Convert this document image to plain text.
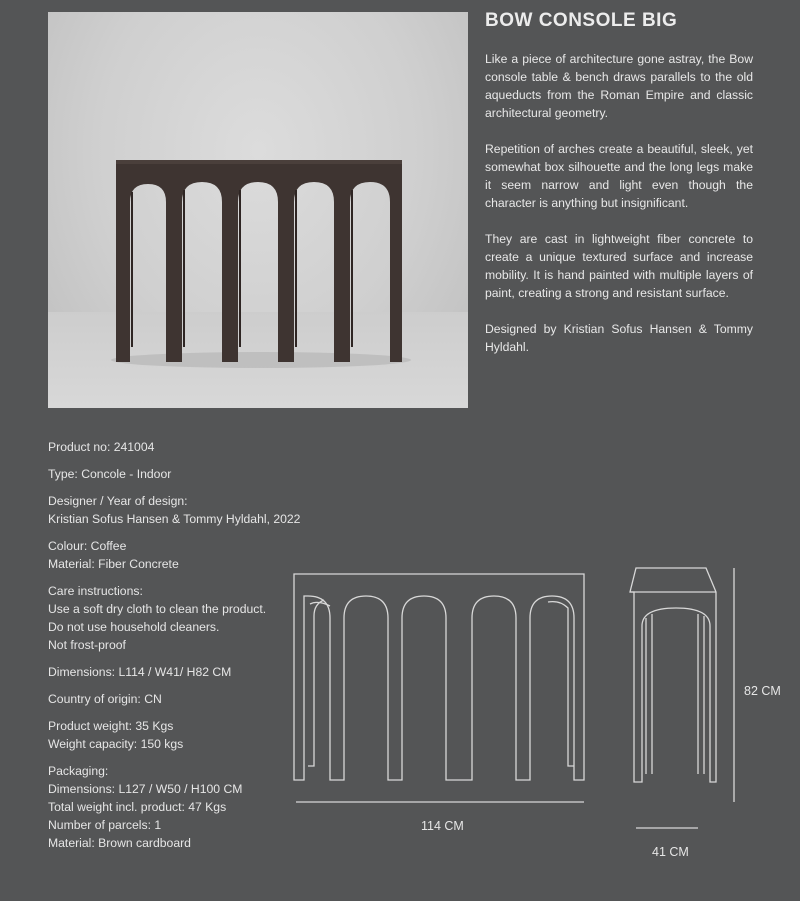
BOW CONSOLE BIG

Like a piece of architecture gone astray, the Bow console table & bench draws parallels to the old aqueducts from the Roman Empire and classic architectural geometry.

Repetition of arches create a beautiful, sleek, yet somewhat box silhouette and the long legs make it seem narrow and light even though the character is anything but insignificant.

They are cast in lightweight fiber concrete to create a unique textured surface and increase mobility. It is hand painted with multiple layers of paint, creating a strong and resistant surface.

Designed by Kristian Sofus Hansen & Tommy Hyldahl.

Product no: 241004
Type: Concole - Indoor
Designer / Year of design:
Kristian Sofus Hansen & Tommy Hyldahl, 2022
Colour: Coffee
Material: Fiber Concrete
Care instructions:
Use a soft dry cloth to clean the product.
Do not use household cleaners.
Not frost-proof
Dimensions: L114 / W41/ H82 CM
Country of origin: CN
Product weight: 35 Kgs
Weight capacity: 150 kgs
Packaging:
Dimensions: L127 / W50 / H100 CM
Total weight incl. product: 47 Kgs
Number of parcels: 1
Material: Brown cardboard
114 CM
41 CM
82 CM
